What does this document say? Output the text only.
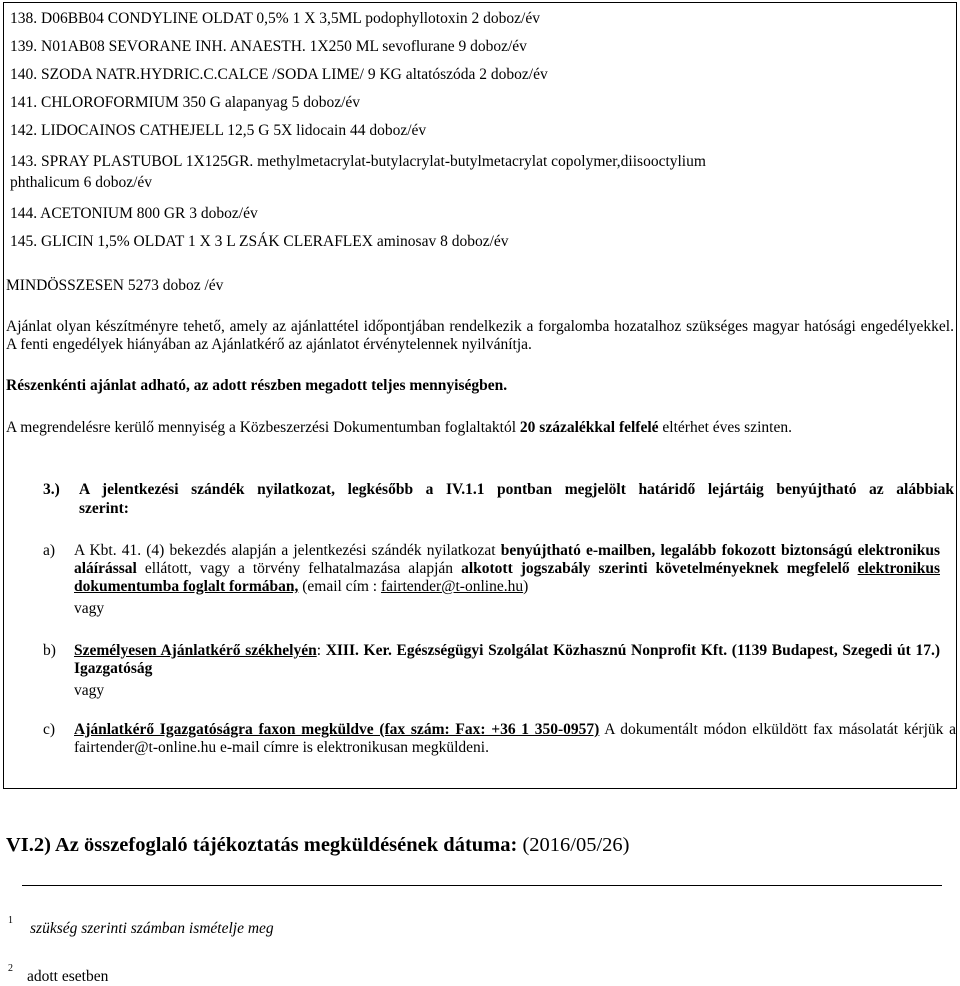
138. D06BB04 CONDYLINE OLDAT 0,5% 1 X 3,5ML podophyllotoxin 2 doboz/év
139. N01AB08 SEVORANE INH. ANAESTH. 1X250 ML sevoflurane 9 doboz/év
140. SZODA NATR.HYDRIC.C.CALCE /SODA LIME/ 9 KG altatószóda 2 doboz/év
141. CHLOROFORMIUM 350 G alapanyag 5 doboz/év
142. LIDOCAINOS CATHEJELL 12,5 G 5X lidocain 44 doboz/év
143. SPRAY PLASTUBOL 1X125GR. methylmetacrylat-butylacrylat-butylmetacrylat copolymer,diisooctylium
phthalicum 6 doboz/év
144. ACETONIUM 800 GR 3 doboz/év
145. GLICIN 1,5% OLDAT 1 X 3 L ZSÁK CLERAFLEX aminosav 8 doboz/év
MINDÖSSZESEN 5273 doboz /év
Ajánlat olyan készítményre tehető, amely az ajánlattétel időpontjában rendelkezik a forgalomba hozatalhoz szükséges magyar hatósági engedélyekkel. A fenti engedélyek hiányában az Ajánlatkérő az ajánlatot érvénytelennek nyilvánítja.
Részenkénti ajánlat adható, az adott részben megadott teljes mennyiségben.
A megrendelésre kerülő mennyiség a Közbeszerzési Dokumentumban foglaltaktól 20 százalékkal felfelé eltérhet éves szinten.
3.) A jelentkezési szándék nyilatkozat, legkésőbb a IV.1.1 pontban megjelölt határidő lejártáig benyújtható az alábbiak
szerint:
a) A Kbt. 41. (4) bekezdés alapján a jelentkezési szándék nyilatkozat benyújtható e-mailben, legalább fokozott biztonságú elektronikus aláírással ellátott, vagy a törvény felhatalmazása alapján alkotott jogszabály szerinti követelményeknek megfelelő elektronikus dokumentumba foglalt formában, (email cím : fairtender@t-online.hu)
vagy
b) Személyesen Ajánlatkérő székhelyén: XIII. Ker. Egészségügyi Szolgálat Közhasznú Nonprofit Kft. (1139 Budapest, Szegedi út 17.) Igazgatóság
vagy
c) Ajánlatkérő Igazgatóságra faxon megküldve (fax szám: Fax: +36 1 350-0957) A dokumentált módon elküldött fax másolatát kérjük a fairtender@t-online.hu e-mail címre is elektronikusan megküldeni.
VI.2) Az összefoglaló tájékoztatás megküldésének dátuma: (2016/05/26)
1 szükség szerinti számban ismételje meg
2 adott esetben
